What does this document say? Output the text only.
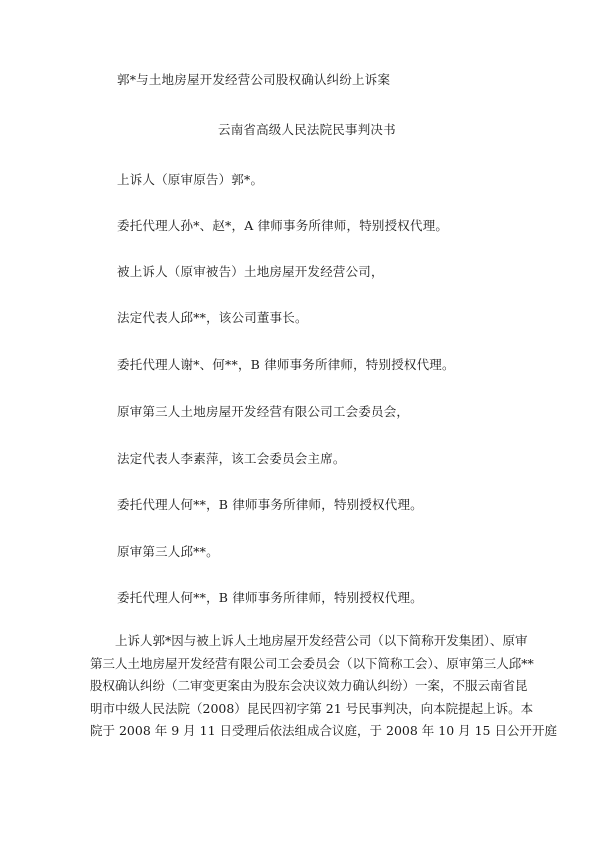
郭*与土地房屋开发经营公司股权确认纠纷上诉案
云南省高级人民法院民事判决书
上诉人（原审原告）郭*。
委托代理人孙*、赵*，A 律师事务所律师，特别授权代理。
被上诉人（原审被告）土地房屋开发经营公司，
法定代表人邱**，该公司董事长。
委托代理人谢*、何**，B 律师事务所律师，特别授权代理。
原审第三人土地房屋开发经营有限公司工会委员会，
法定代表人李素萍，该工会委员会主席。
委托代理人何**，B 律师事务所律师，特别授权代理。
原审第三人邱**。
委托代理人何**，B 律师事务所律师，特别授权代理。
上诉人郭*因与被上诉人土地房屋开发经营公司（以下简称开发集团）、原审
第三人土地房屋开发经营有限公司工会委员会（以下简称工会）、原审第三人邱**
股权确认纠纷（二审变更案由为股东会决议效力确认纠纷）一案，不服云南省昆
明市中级人民法院（2008）昆民四初字第 21 号民事判决，向本院提起上诉。本
院于 2008 年 9 月 11 日受理后依法组成合议庭，于 2008 年 10 月 15 日公开开庭
